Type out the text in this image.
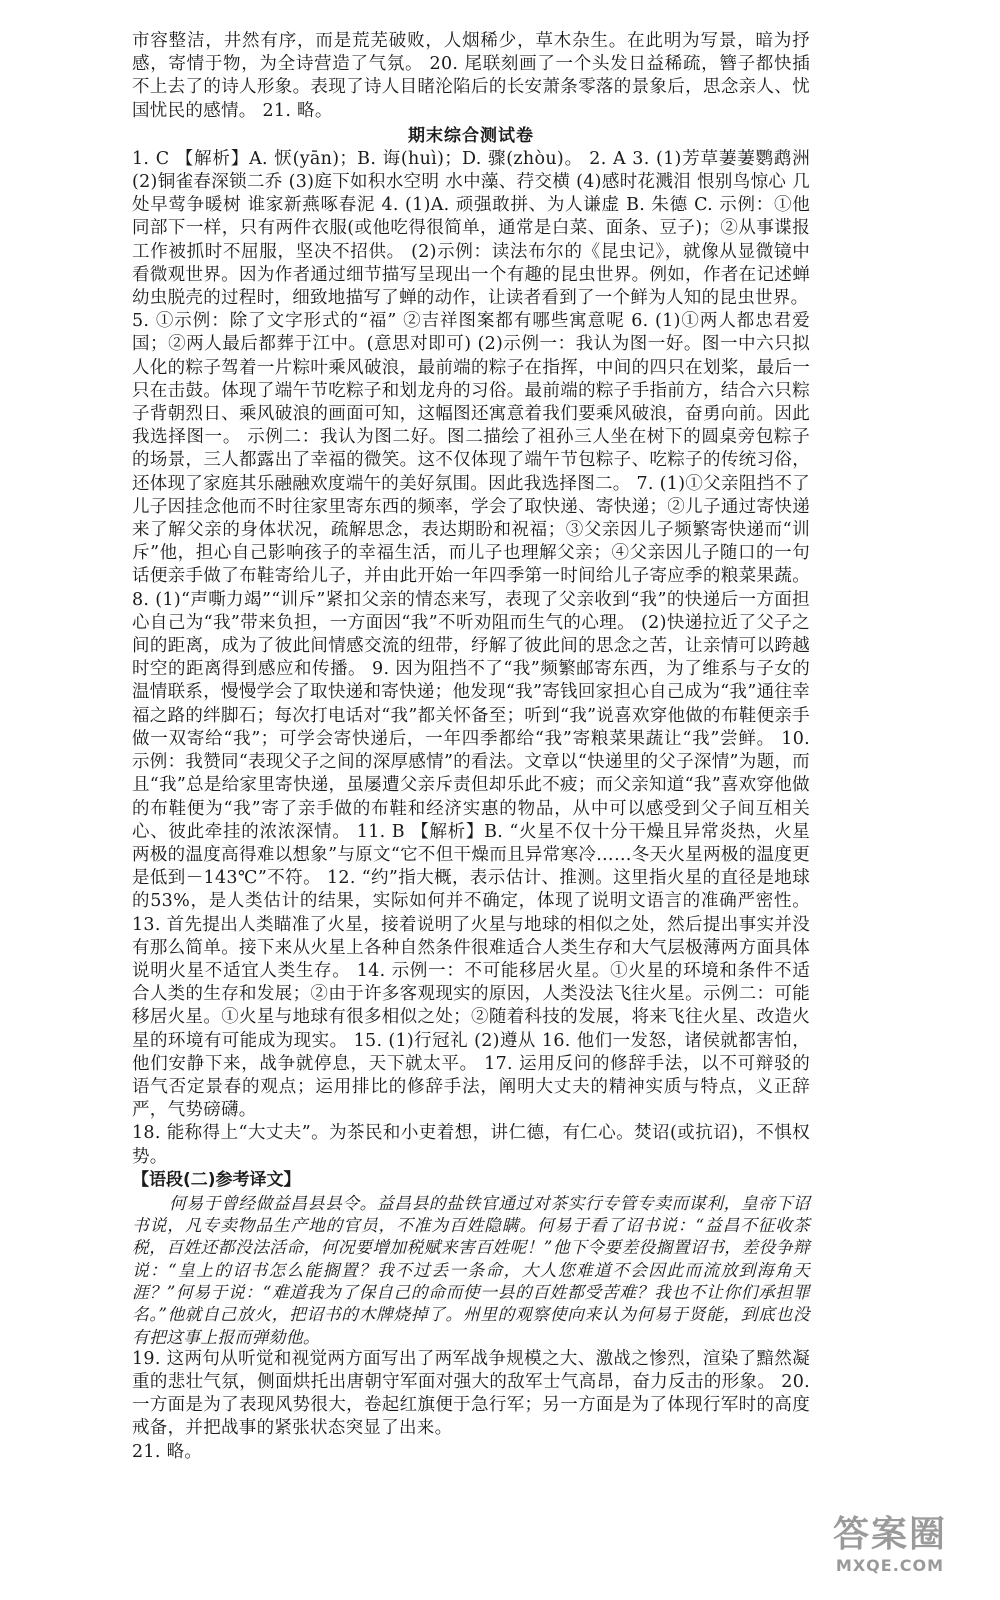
市容整洁，井然有序，而是荒芜破败，人烟稀少，草木杂生。在此明为写景，暗为抒感，寄情于物，为全诗营造了气氛。 20. 尾联刻画了一个头发日益稀疏，簪子都快插不上去了的诗人形象。表现了诗人目睹沦陷后的长安萧条零落的景象后，思念亲人、忧国忧民的感情。 21. 略。

期末综合测试卷

1. C 【解析】A. 恹(yān)；B. 诲(huì)；D. 骤(zhòu)。 2. A 3. (1)芳草萋萋鹦鹉洲 (2)铜雀春深锁二乔 (3)庭下如积水空明 水中藻、荇交横 (4)感时花溅泪 恨别鸟惊心 几处早莺争暖树 谁家新燕啄春泥 4. (1)A. 顽强敢拼、为人谦虚 B. 朱德 C. 示例：①他同部下一样，只有两件衣服(或他吃得很简单，通常是白菜、面条、豆子)；②从事谍报工作被抓时不屈服，坚决不招供。 (2)示例：读法布尔的《昆虫记》，就像从显微镜中看微观世界。因为作者通过细节描写呈现出一个有趣的昆虫世界。例如，作者在记述蝉幼虫脱壳的过程时，细致地描写了蝉的动作，让读者看到了一个鲜为人知的昆虫世界。

5. ①示例：除了文字形式的“福” ②吉祥图案都有哪些寓意呢 6. (1)①两人都忠君爱国；②两人最后都葬于江中。(意思对即可) (2)示例一：我认为图一好。图一中六只拟人化的粽子驾着一片粽叶乘风破浪，最前端的粽子在指挥，中间的四只在划桨，最后一只在击鼓。体现了端午节吃粽子和划龙舟的习俗。最前端的粽子手指前方，结合六只粽子背朝烈日、乘风破浪的画面可知，这幅图还寓意着我们要乘风破浪，奋勇向前。因此我选择图一。 示例二：我认为图二好。图二描绘了祖孙三人坐在树下的圆桌旁包粽子的场景，三人都露出了幸福的微笑。这不仅体现了端午节包粽子、吃粽子的传统习俗，还体现了家庭其乐融融欢度端午的美好氛围。因此我选择图二。 7. (1)①父亲阻挡不了儿子因挂念他而不时往家里寄东西的频率，学会了取快递、寄快递；②儿子通过寄快递来了解父亲的身体状况，疏解思念，表达期盼和祝福；③父亲因儿子频繁寄快递而“训斥”他，担心自己影响孩子的幸福生活，而儿子也理解父亲；④父亲因儿子随口的一句话便亲手做了布鞋寄给儿子，并由此开始一年四季第一时间给儿子寄应季的粮菜果蔬。 8. (1)“声嘶力竭”“训斥”紧扣父亲的情态来写，表现了父亲收到“我”的快递后一方面担心自己为“我”带来负担，一方面因“我”不听劝阻而生气的心理。 (2)快递拉近了父子之间的距离，成为了彼此间情感交流的纽带，纾解了彼此间的思念之苦，让亲情可以跨越时空的距离得到感应和传播。 9. 因为阻挡不了“我”频繁邮寄东西，为了维系与子女的温情联系，慢慢学会了取快递和寄快递；他发现“我”寄钱回家担心自己成为“我”通往幸福之路的绊脚石；每次打电话对“我”都关怀备至；听到“我”说喜欢穿他做的布鞋便亲手做一双寄给“我”；可学会寄快递后，一年四季都给“我”寄粮菜果蔬让“我”尝鲜。 10. 示例：我赞同“表现父子之间的深厚感情”的看法。文章以“快递里的父子深情”为题，而且“我”总是给家里寄快递，虽屡遭父亲斥责但却乐此不疲；而父亲知道“我”喜欢穿他做的布鞋便为“我”寄了亲手做的布鞋和经济实惠的物品，从中可以感受到父子间互相关心、彼此牵挂的浓浓深情。 11. B 【解析】B. “火星不仅十分干燥且异常炎热，火星两极的温度高得难以想象”与原文“它不但干燥而且异常寒冷……冬天火星两极的温度更是低到－143℃”不符。 12. “约”指大概，表示估计、推测。这里指火星的直径是地球的53%，是人类估计的结果，实际如何并不确定，体现了说明文语言的准确严密性。 13. 首先提出人类瞄准了火星，接着说明了火星与地球的相似之处，然后提出事实并没有那么简单。接下来从火星上各种自然条件很难适合人类生存和大气层极薄两方面具体说明火星不适宜人类生存。 14. 示例一：不可能移居火星。①火星的环境和条件不适合人类的生存和发展；②由于许多客观现实的原因，人类没法飞往火星。示例二：可能移居火星。①火星与地球有很多相似之处；②随着科技的发展，将来飞往火星、改造火星的环境有可能成为现实。 15. (1)行冠礼 (2)遵从 16. 他们一发怒，诸侯就都害怕，他们安静下来，战争就停息，天下就太平。 17. 运用反问的修辞手法，以不可辩驳的语气否定景春的观点；运用排比的修辞手法，阐明大丈夫的精神实质与特点，义正辞严，气势磅礴。

18. 能称得上“大丈夫”。为茶民和小吏着想，讲仁德，有仁心。焚诏(或抗诏)，不惧权势。

【语段(二)参考译文】

何易于曾经做益昌县县令。益昌县的盐铁官通过对茶实行专管专卖而谋利，皇帝下诏书说，凡专卖物品生产地的官员，不准为百姓隐瞒。何易于看了诏书说：“益昌不征收茶税，百姓还都没法活命，何况要增加税赋来害百姓呢！”他下令要差役搁置诏书，差役争辩说：“皇上的诏书怎么能搁置？我不过丢一条命，大人您难道不会因此而流放到海角天涯？”何易于说：“难道我为了保自己的命而使一县的百姓都受苦难？我也不让你们承担罪名。”他就自己放火，把诏书的木牌烧掉了。州里的观察使向来认为何易于贤能，到底也没有把这事上报而弹劾他。

19. 这两句从听觉和视觉两方面写出了两军战争规模之大、激战之惨烈，渲染了黯然凝重的悲壮气氛，侧面烘托出唐朝守军面对强大的敌军士气高昂，奋力反击的形象。 20. 一方面是为了表现风势很大，卷起红旗便于急行军；另一方面是为了体现行军时的高度戒备，并把战事的紧张状态突显了出来。

21. 略。

答案圈
MXQE.COM
